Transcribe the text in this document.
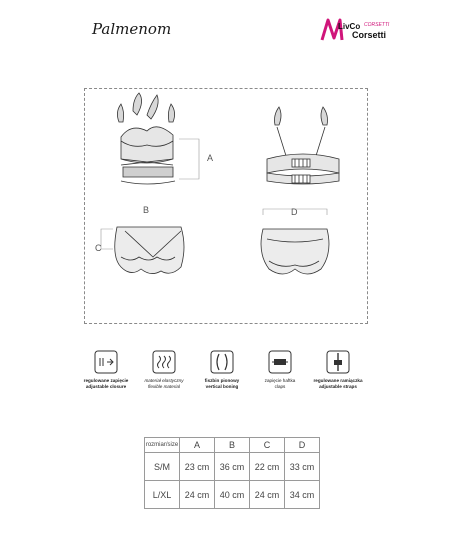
Palmenom	LivCo CORSETTI
Corsetti
A
B
C
D
regulowane zapięcie
adjustable closure
materiał elastyczny
flexible material
fiszbin pionowy
vertical boning
zapięcie haftka
claps
regulowane ramiączka
adjustable straps
rozmiar/size	A	B	C	D
S/M	23 cm	36 cm	22 cm	33 cm
L/XL	24 cm	40 cm	24 cm	34 cm
